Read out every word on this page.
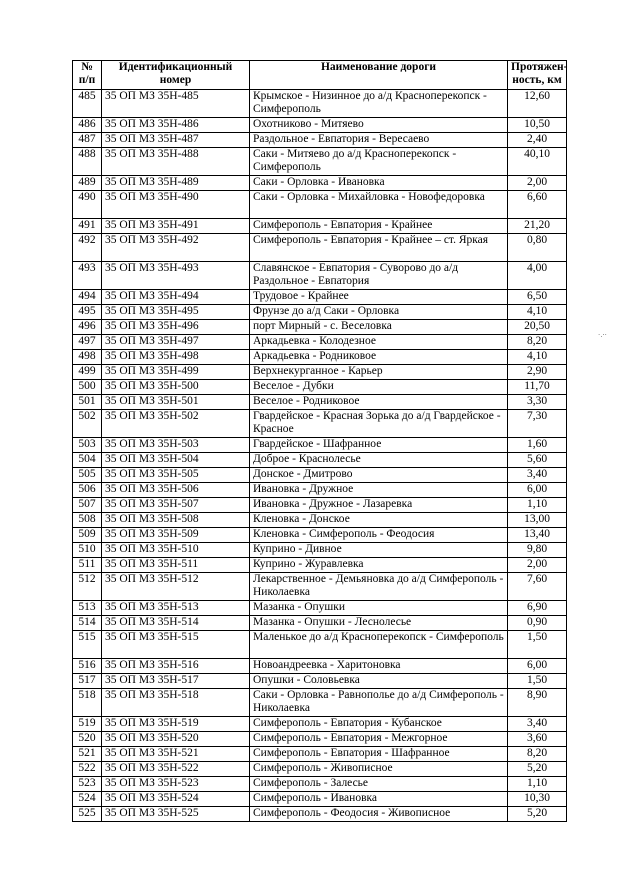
№ п/п	Идентификационный номер	Наименование дороги	Протяжен-ность, км
485	35 ОП МЗ 35Н-485	Крымское - Низинное до а/д Красноперекопск - Симферополь	12,60
486	35 ОП МЗ 35Н-486	Охотниково - Митяево	10,50
487	35 ОП МЗ 35Н-487	Раздольное - Евпатория - Вересаево	2,40
488	35 ОП МЗ 35Н-488	Саки - Митяево до а/д Красноперекопск - Симферополь	40,10
489	35 ОП МЗ 35Н-489	Саки - Орловка - Ивановка	2,00
490	35 ОП МЗ 35Н-490	Саки - Орловка - Михайловка - Новофедоровка	6,60
491	35 ОП МЗ 35Н-491	Симферополь - Евпатория - Крайнее	21,20
492	35 ОП МЗ 35Н-492	Симферополь - Евпатория - Крайнее – ст. Яркая	0,80
493	35 ОП МЗ 35Н-493	Славянское - Евпатория - Суворово до а/д Раздольное - Евпатория	4,00
494	35 ОП МЗ 35Н-494	Трудовое - Крайнее	6,50
495	35 ОП МЗ 35Н-495	Фрунзе до а/д Саки - Орловка	4,10
496	35 ОП МЗ 35Н-496	порт Мирный - с. Веселовка	20,50
497	35 ОП МЗ 35Н-497	Аркадьевка - Колодезное	8,20
498	35 ОП МЗ 35Н-498	Аркадьевка - Родниковое	4,10
499	35 ОП МЗ 35Н-499	Верхнекурганное - Карьер	2,90
500	35 ОП МЗ 35Н-500	Веселое - Дубки	11,70
501	35 ОП МЗ 35Н-501	Веселое - Родниковое	3,30
502	35 ОП МЗ 35Н-502	Гвардейское - Красная Зорька до а/д Гвардейское - Красное	7,30
503	35 ОП МЗ 35Н-503	Гвардейское - Шафранное	1,60
504	35 ОП МЗ 35Н-504	Доброе - Краснолесье	5,60
505	35 ОП МЗ 35Н-505	Донское - Дмитрово	3,40
506	35 ОП МЗ 35Н-506	Ивановка - Дружное	6,00
507	35 ОП МЗ 35Н-507	Ивановка - Дружное - Лазаревка	1,10
508	35 ОП МЗ 35Н-508	Кленовка - Донское	13,00
509	35 ОП МЗ 35Н-509	Кленовка - Симферополь - Феодосия	13,40
510	35 ОП МЗ 35Н-510	Куприно - Дивное	9,80
511	35 ОП МЗ 35Н-511	Куприно - Журавлевка	2,00
512	35 ОП МЗ 35Н-512	Лекарственное - Демьяновка до а/д Симферополь - Николаевка	7,60
513	35 ОП МЗ 35Н-513	Мазанка - Опушки	6,90
514	35 ОП МЗ 35Н-514	Мазанка - Опушки - Леснолесье	0,90
515	35 ОП МЗ 35Н-515	Маленькое до а/д Красноперекопск - Симферополь	1,50
516	35 ОП МЗ 35Н-516	Новоандреевка - Харитоновка	6,00
517	35 ОП МЗ 35Н-517	Опушки - Соловьевка	1,50
518	35 ОП МЗ 35Н-518	Саки - Орловка - Равнополье до а/д Симферополь - Николаевка	8,90
519	35 ОП МЗ 35Н-519	Симферополь - Евпатория - Кубанское	3,40
520	35 ОП МЗ 35Н-520	Симферополь - Евпатория - Межгорное	3,60
521	35 ОП МЗ 35Н-521	Симферополь - Евпатория - Шафранное	8,20
522	35 ОП МЗ 35Н-522	Симферополь - Живописное	5,20
523	35 ОП МЗ 35Н-523	Симферополь - Залесье	1,10
524	35 ОП МЗ 35Н-524	Симферополь - Ивановка	10,30
525	35 ОП МЗ 35Н-525	Симферополь - Феодосия - Живописное	5,20
·.··
